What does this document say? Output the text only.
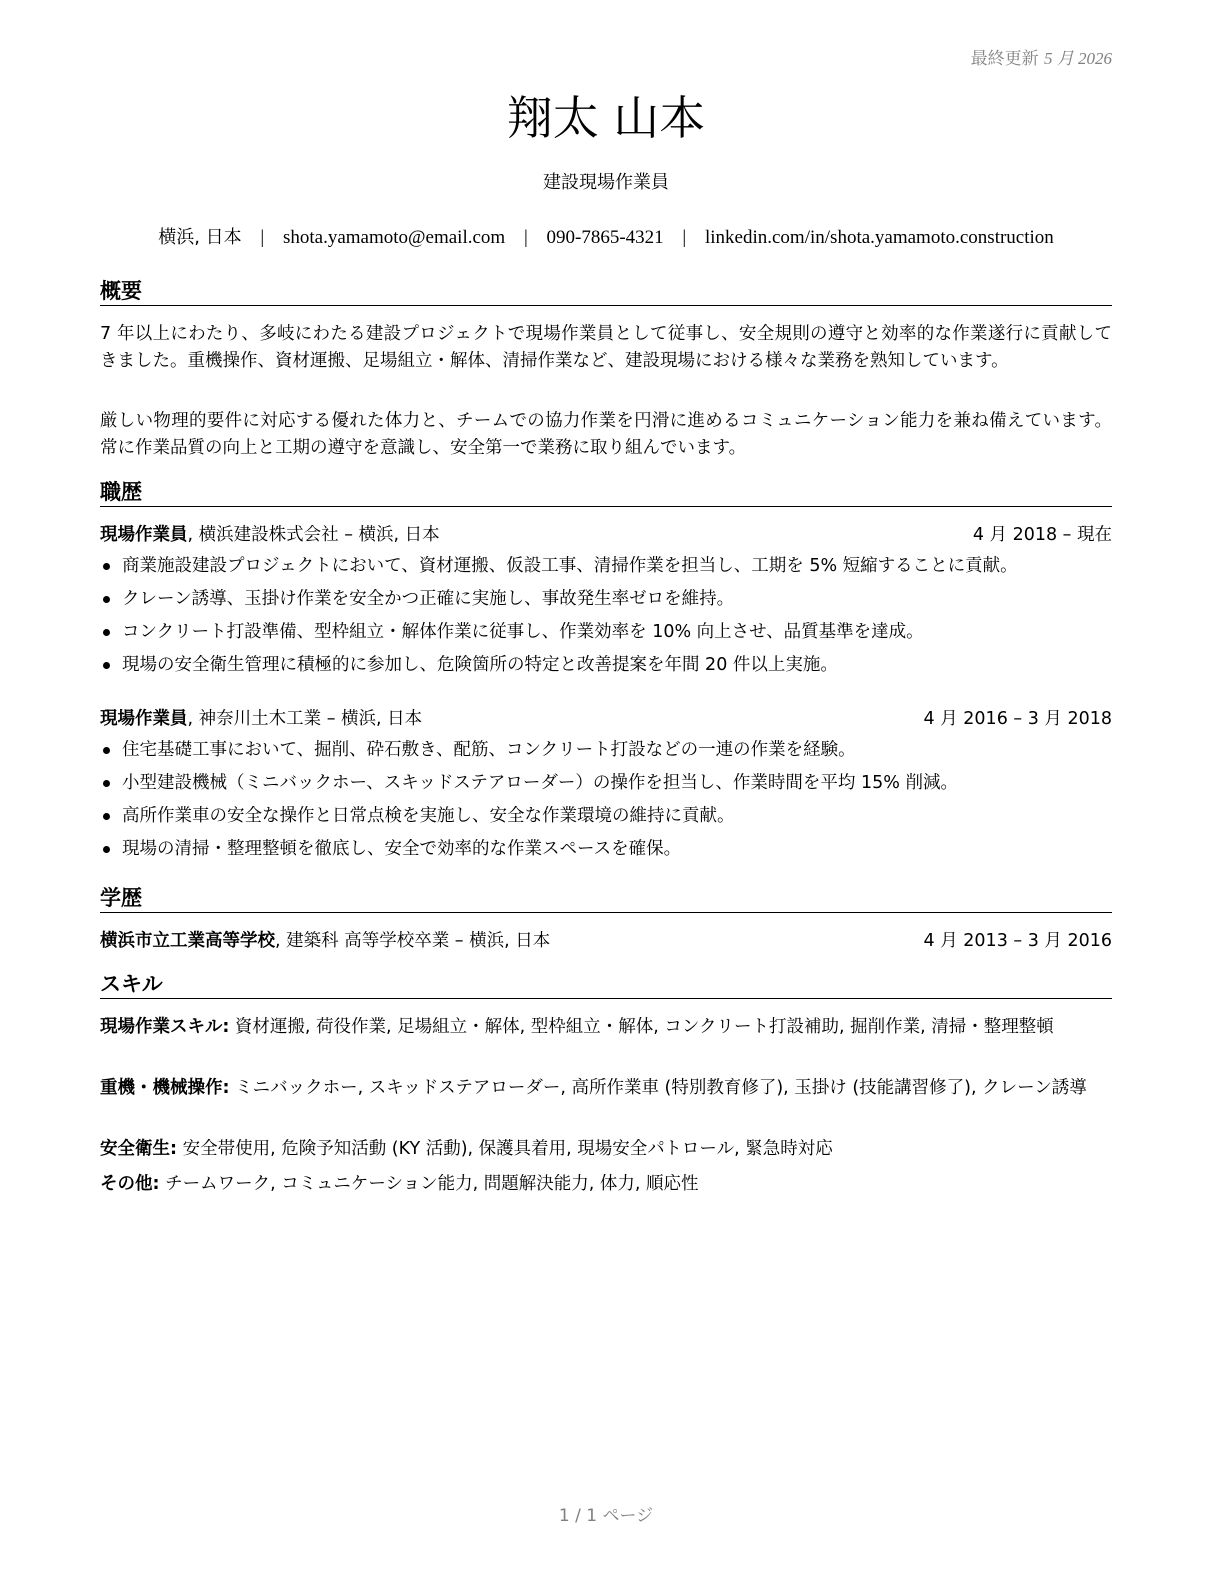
最終更新 5 月 2026
翔太 山本
建設現場作業員
横浜, 日本 | shota.yamamoto@email.com | 090-7865-4321 | linkedin.com/in/shota.yamamoto.construction
概要
7 年以上にわたり、多岐にわたる建設プロジェクトで現場作業員として従事し、安全規則の遵守と効率的な作業遂行に貢献してきました。重機操作、資材運搬、足場組立・解体、清掃作業など、建設現場における様々な業務を熟知しています。
厳しい物理的要件に対応する優れた体力と、チームでの協力作業を円滑に進めるコミュニケーション能力を兼ね備えています。常に作業品質の向上と工期の遵守を意識し、安全第一で業務に取り組んでいます。
職歴
現場作業員, 横浜建設株式会社 – 横浜, 日本	4 月 2018 – 現在
商業施設建設プロジェクトにおいて、資材運搬、仮設工事、清掃作業を担当し、工期を 5% 短縮することに貢献。
クレーン誘導、玉掛け作業を安全かつ正確に実施し、事故発生率ゼロを維持。
コンクリート打設準備、型枠組立・解体作業に従事し、作業効率を 10% 向上させ、品質基準を達成。
現場の安全衛生管理に積極的に参加し、危険箇所の特定と改善提案を年間 20 件以上実施。
現場作業員, 神奈川土木工業 – 横浜, 日本	4 月 2016 – 3 月 2018
住宅基礎工事において、掘削、砕石敷き、配筋、コンクリート打設などの一連の作業を経験。
小型建設機械（ミニバックホー、スキッドステアローダー）の操作を担当し、作業時間を平均 15% 削減。
高所作業車の安全な操作と日常点検を実施し、安全な作業環境の維持に貢献。
現場の清掃・整理整頓を徹底し、安全で効率的な作業スペースを確保。
学歴
横浜市立工業高等学校, 建築科 高等学校卒業 – 横浜, 日本	4 月 2013 – 3 月 2016
スキル
現場作業スキル: 資材運搬, 荷役作業, 足場組立・解体, 型枠組立・解体, コンクリート打設補助, 掘削作業, 清掃・整理整頓
重機・機械操作: ミニバックホー, スキッドステアローダー, 高所作業車 (特別教育修了), 玉掛け (技能講習修了), クレーン誘導
安全衛生: 安全帯使用, 危険予知活動 (KY 活動), 保護具着用, 現場安全パトロール, 緊急時対応
その他: チームワーク, コミュニケーション能力, 問題解決能力, 体力, 順応性
1 / 1 ページ
